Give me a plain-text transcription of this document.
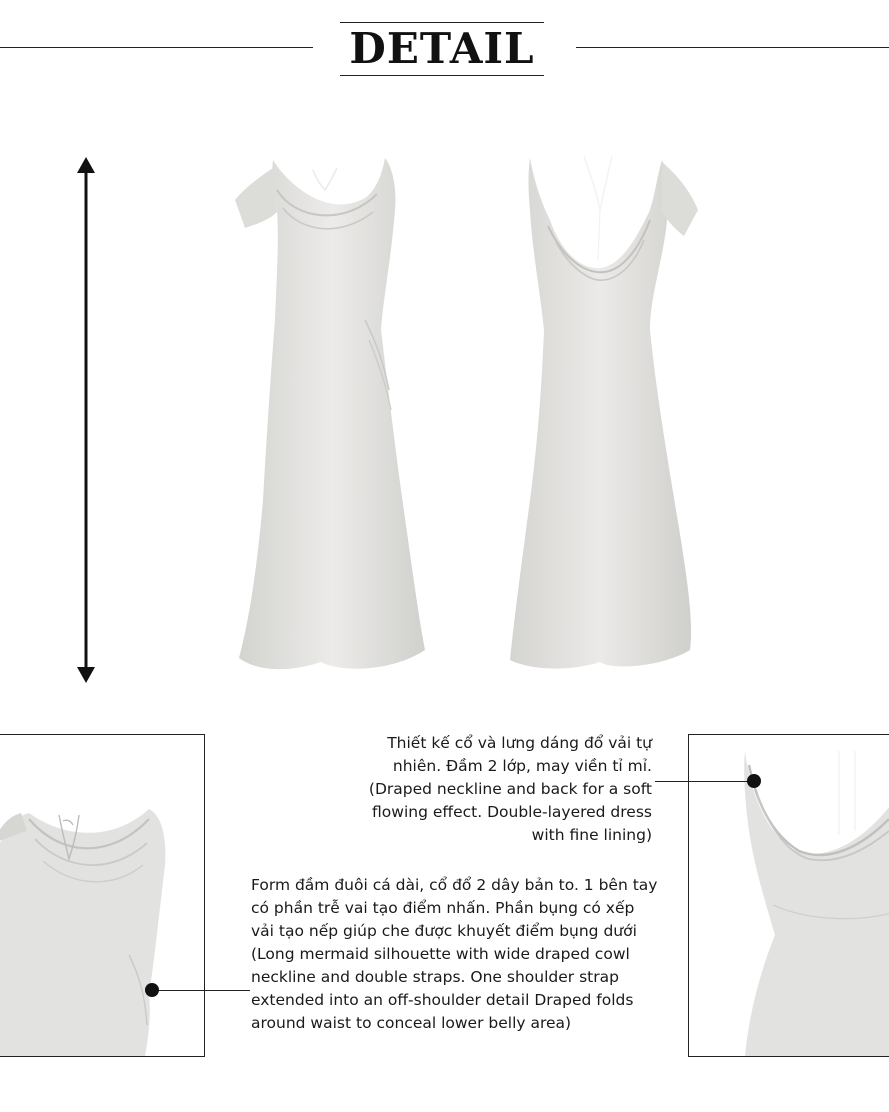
DETAIL
Thiết kế cổ và lưng dáng đổ vải tự nhiên. Đầm 2 lớp, may viền tỉ mỉ. (Draped neckline and back for a soft flowing effect. Double-layered dress with fine lining)
Form đầm đuôi cá dài, cổ đổ 2 dây bản to. 1 bên tay có phần trễ vai tạo điểm nhấn. Phần bụng có xếp vải tạo nếp giúp che được khuyết điểm bụng dưới (Long mermaid silhouette with wide draped cowl neckline and double straps. One shoulder strap extended into an off-shoulder detail Draped folds around waist to conceal lower belly area)
